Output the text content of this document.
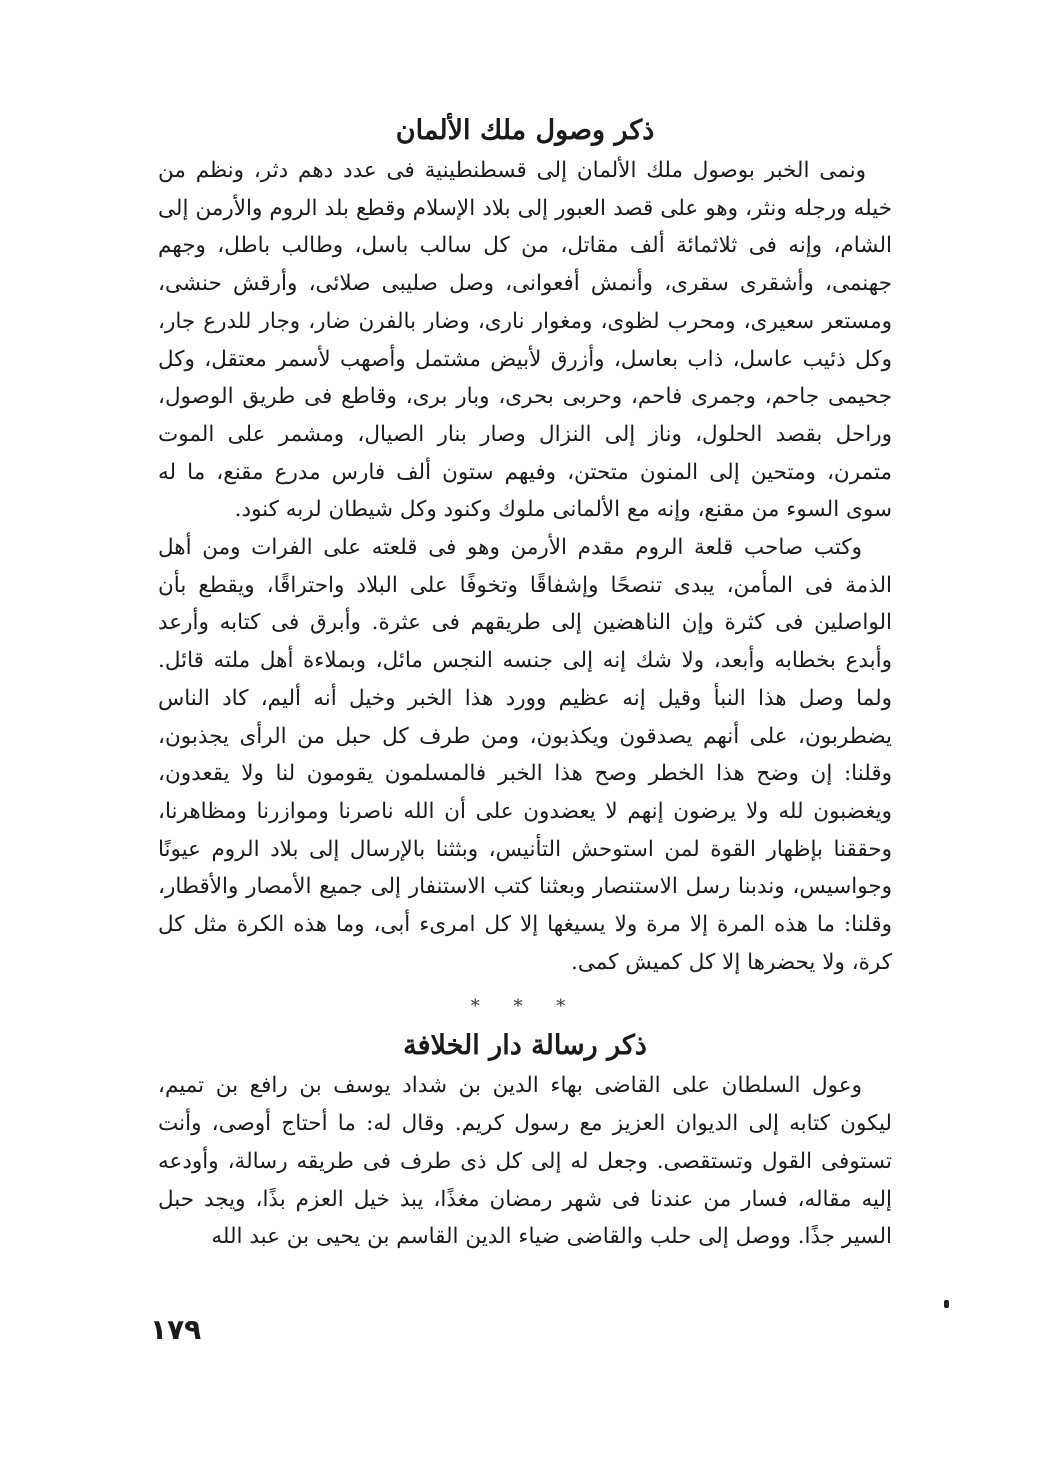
ذكر وصول ملك الألمان

ونمى الخبر بوصول ملك الألمان إلى قسطنطينية فى عدد دهم دثر، ونظم من خيله ورجله ونثر، وهو على قصد العبور إلى بلاد الإسلام وقطع بلد الروم والأرمن إلى الشام، وإنه فى ثلاثمائة ألف مقاتل، من كل سالب باسل، وطالب باطل، وجهم جهنمى، وأشقرى سقرى، وأنمش أفعوانى، وصل صليبى صلائى، وأرقش حنشى، ومستعر سعيرى، ومحرب لظوى، ومغوار نارى، وضار بالفرن ضار، وجار للدرع جار، وكل ذئيب عاسل، ذاب بعاسل، وأزرق لأبيض مشتمل وأصهب لأسمر معتقل، وكل جحيمى جاحم، وجمرى فاحم، وحربى بحرى، وبار برى، وقاطع فى طريق الوصول، وراحل بقصد الحلول، وناز إلى النزال وصار بنار الصيال، ومشمر على الموت متمرن، ومتحين إلى المنون متحتن، وفيهم ستون ألف فارس مدرع مقنع، ما له سوى السوء من مقنع، وإنه مع الألمانى ملوك وكنود وكل شيطان لربه كنود.

وكتب صاحب قلعة الروم مقدم الأرمن وهو فى قلعته على الفرات ومن أهل الذمة فى المأمن، يبدى تنصحًا وإشفاقًا وتخوفًا على البلاد واحتراقًا، ويقطع بأن الواصلين فى كثرة وإن الناهضين إلى طريقهم فى عثرة. وأبرق فى كتابه وأرعد وأبدع بخطابه وأبعد، ولا شك إنه إلى جنسه النجس مائل، وبملاءة أهل ملته قائل. ولما وصل هذا النبأ وقيل إنه عظيم وورد هذا الخبر وخيل أنه أليم، كاد الناس يضطربون، على أنهم يصدقون ويكذبون، ومن طرف كل حبل من الرأى يجذبون، وقلنا: إن وضح هذا الخطر وصح هذا الخبر فالمسلمون يقومون لنا ولا يقعدون، ويغضبون لله ولا يرضون إنهم لا يعضدون على أن الله ناصرنا وموازرنا ومظاهرنا، وحققنا بإظهار القوة لمن استوحش التأنيس، وبثثنا بالإرسال إلى بلاد الروم عيونًا وجواسيس، وندبنا رسل الاستنصار وبعثنا كتب الاستنفار إلى جميع الأمصار والأقطار، وقلنا: ما هذه المرة إلا مرة ولا يسيغها إلا كل امرىء أبى، وما هذه الكرة مثل كل كرة، ولا يحضرها إلا كل كميش كمى.

* * *
ذكر رسالة دار الخلافة

وعول السلطان على القاضى بهاء الدين بن شداد يوسف بن رافع بن تميم، ليكون كتابه إلى الديوان العزيز مع رسول كريم. وقال له: ما أحتاج أوصى، وأنت تستوفى القول وتستقصى. وجعل له إلى كل ذى طرف فى طريقه رسالة، وأودعه إليه مقاله، فسار من عندنا فى شهر رمضان مغذًا، يبذ خيل العزم بذًا، ويجد حبل السير جذًا. ووصل إلى حلب والقاضى ضياء الدين القاسم بن يحيى بن عبد الله

١٧٩
